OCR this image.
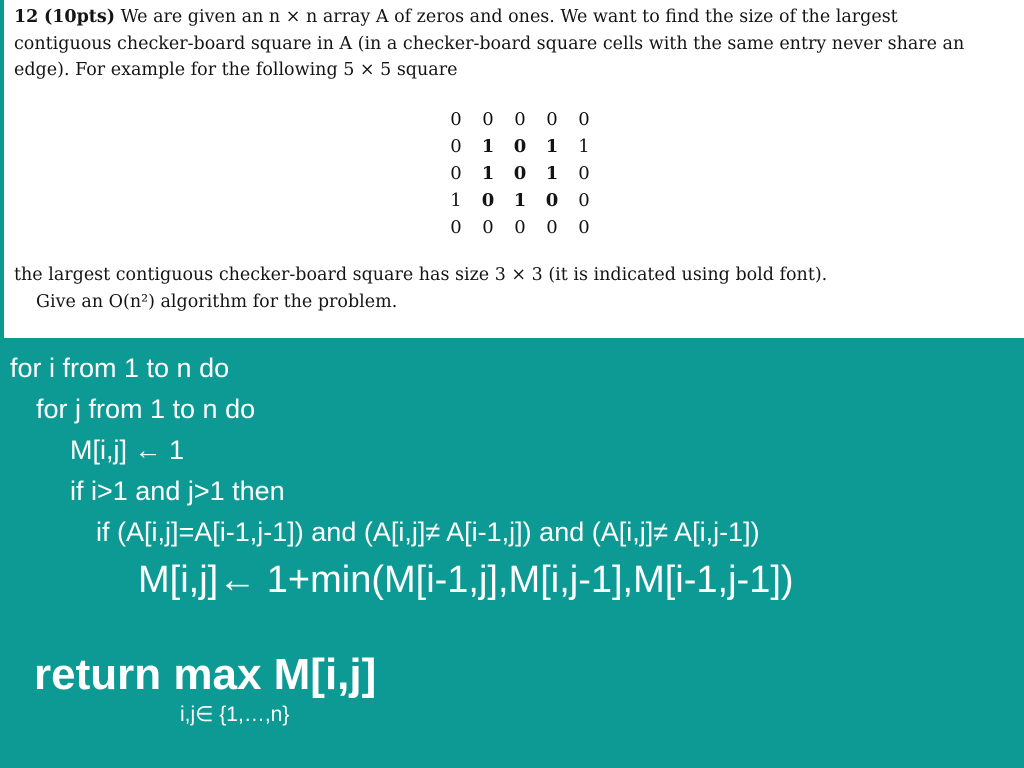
12 (10pts) We are given an n × n array A of zeros and ones. We want to find the size of the largest
contiguous checker-board square in A (in a checker-board square cells with the same entry never share an
edge). For example for the following 5 × 5 square
0	0	0	0	0
0	1	0	1	1
0	1	0	1	0
1	0	1	0	0
0	0	0	0	0
the largest contiguous checker-board square has size 3 × 3 (it is indicated using bold font).
Give an O(n²) algorithm for the problem.
for i from 1 to n do
for j from 1 to n do
M[i,j] ← 1
if i>1 and j>1 then
if (A[i,j]=A[i-1,j-1]) and (A[i,j]≠ A[i-1,j]) and (A[i,j]≠ A[i,j-1])
M[i,j]← 1+min(M[i-1,j],M[i,j-1],M[i-1,j-1])
return max M[i,j]
i,j∈ {1,…,n}
